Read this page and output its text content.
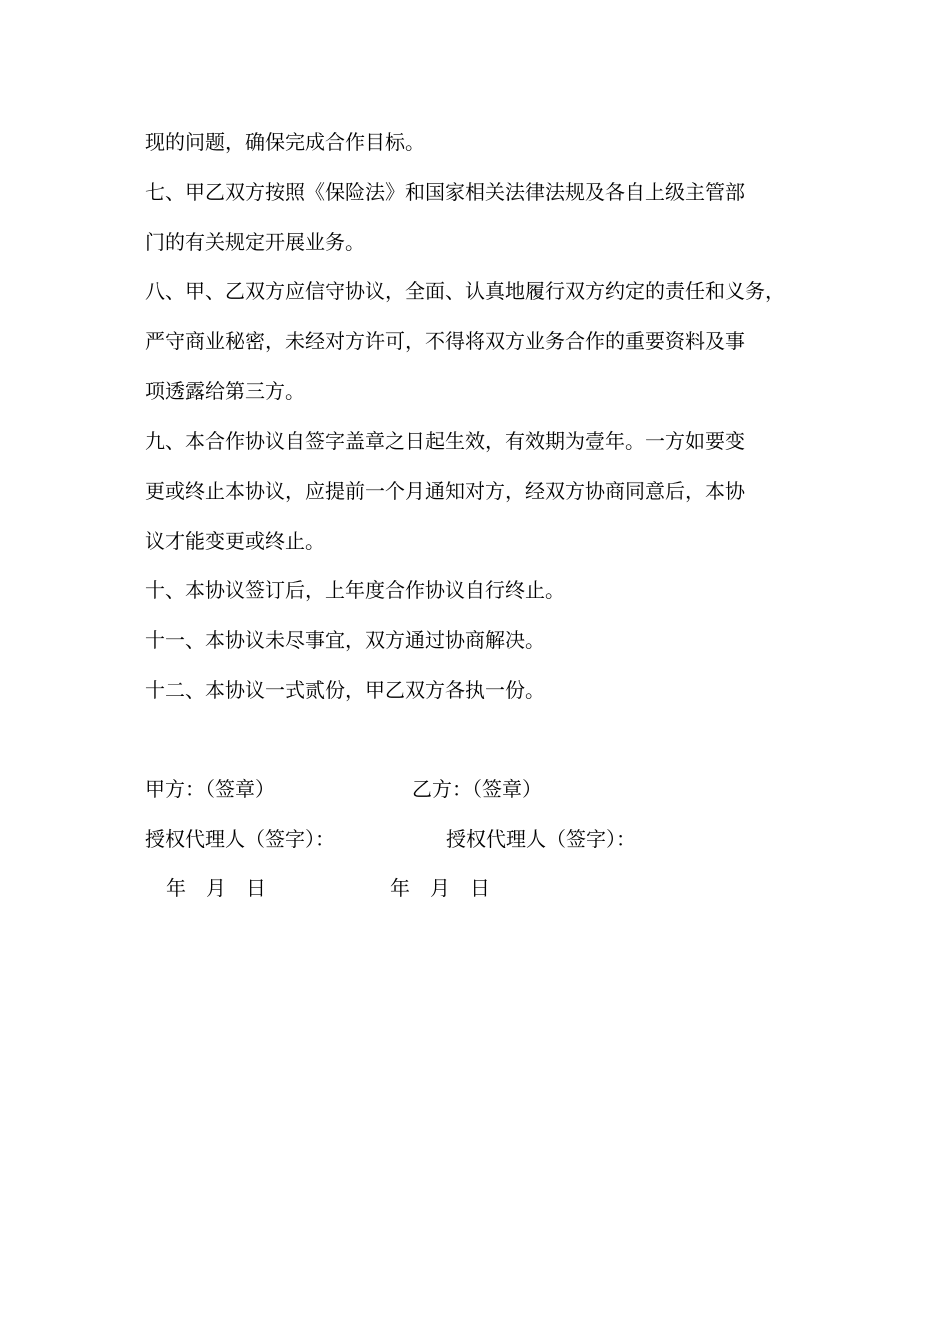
现的问题，确保完成合作目标。
七、甲乙双方按照《保险法》和国家相关法律法规及各自上级主管部
门的有关规定开展业务。
八、甲、乙双方应信守协议，全面、认真地履行双方约定的责任和义务，
严守商业秘密，未经对方许可，不得将双方业务合作的重要资料及事
项透露给第三方。
九、本合作协议自签字盖章之日起生效，有效期为壹年。一方如要变
更或终止本协议，应提前一个月通知对方，经双方协商同意后，本协
议才能变更或终止。
十、本协议签订后，上年度合作协议自行终止。
十一、本协议未尽事宜，双方通过协商解决。
十二、本协议一式贰份，甲乙双方各执一份。
甲方：（签章）	乙方：（签章）
授权代理人（签字）：	授权代理人（签字）：
年　月　日	年　月　日
